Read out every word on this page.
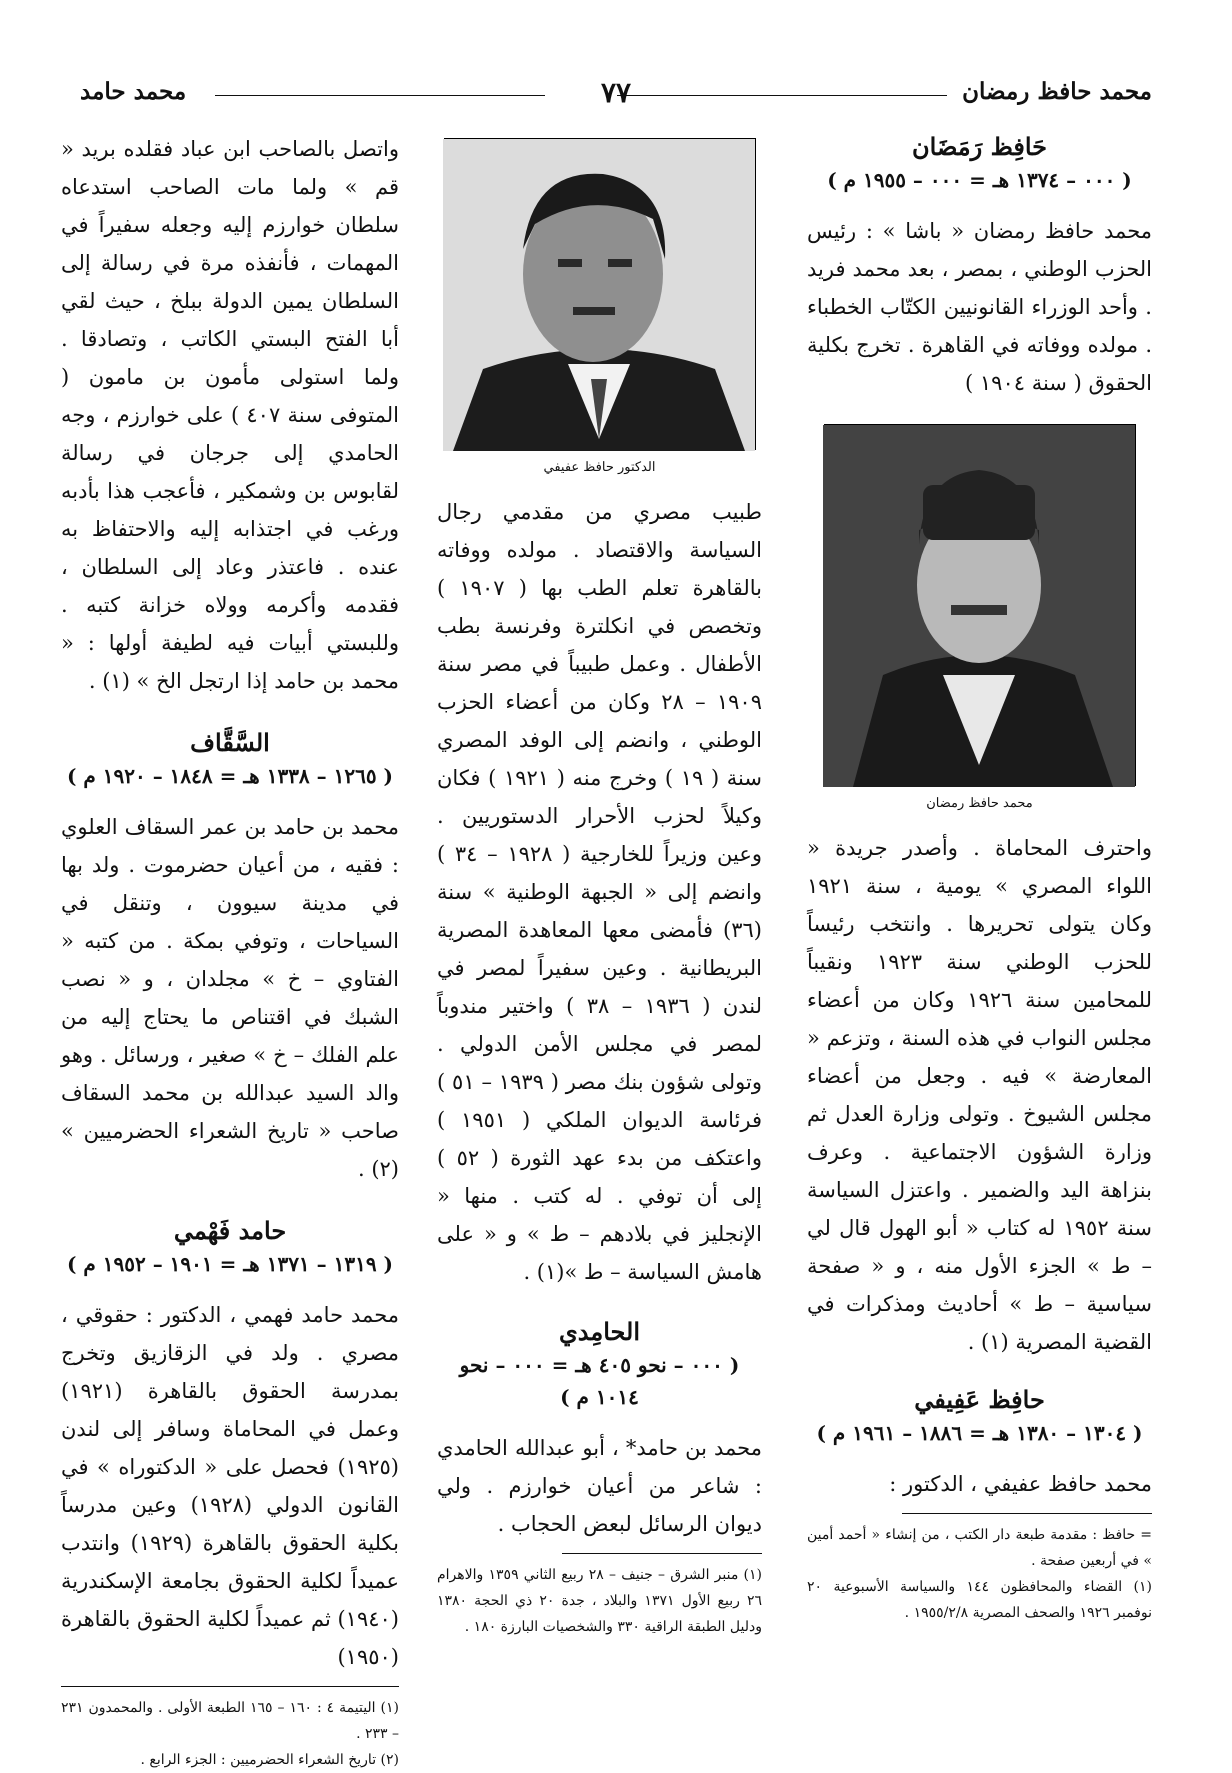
محمد حافظ رمضان
٧٧
محمد حامد
حَافِظ رَمَضَان
( ٠٠٠ – ١٣٧٤ هـ = ٠٠٠ – ١٩٥٥ م )
محمد حافظ رمضان « باشا » : رئيس الحزب الوطني ، بمصر ، بعد محمد فريد . وأحد الوزراء القانونيين الكتّاب الخطباء . مولده ووفاته في القاهرة . تخرج بكلية الحقوق ( سنة ١٩٠٤ )
محمد حافظ رمضان
واحترف المحاماة . وأصدر جريدة « اللواء المصري » يومية ، سنة ١٩٢١ وكان يتولى تحريرها . وانتخب رئيساً للحزب الوطني سنة ١٩٢٣ ونقيباً للمحامين سنة ١٩٢٦ وكان من أعضاء مجلس النواب في هذه السنة ، وتزعم « المعارضة » فيه . وجعل من أعضاء مجلس الشيوخ . وتولى وزارة العدل ثم وزارة الشؤون الاجتماعية . وعرف بنزاهة اليد والضمير . واعتزل السياسة سنة ١٩٥٢ له كتاب « أبو الهول قال لي – ط » الجزء الأول منه ، و « صفحة سياسية – ط » أحاديث ومذكرات في القضية المصرية (١) .
حافِظ عَفِيفي
( ١٣٠٤ – ١٣٨٠ هـ = ١٨٨٦ – ١٩٦١ م )
محمد حافظ عفيفي ، الدكتور :
= حافظ : مقدمة طبعة دار الكتب ، من إنشاء « أحمد أمين » في أربعين صفحة .
(١) القضاء والمحافظون ١٤٤ والسياسة الأسبوعية ٢٠ نوفمبر ١٩٢٦ والصحف المصرية ١٩٥٥/٢/٨ .
الدكتور حافظ عفيفي
طبيب مصري من مقدمي رجال السياسة والاقتصاد . مولده ووفاته بالقاهرة تعلم الطب بها ( ١٩٠٧ ) وتخصص في انكلترة وفرنسة بطب الأطفال . وعمل طبيباً في مصر سنة ١٩٠٩ – ٢٨ وكان من أعضاء الحزب الوطني ، وانضم إلى الوفد المصري سنة ( ١٩ ) وخرج منه ( ١٩٢١ ) فكان وكيلاً لحزب الأحرار الدستوريين . وعين وزيراً للخارجية ( ١٩٢٨ – ٣٤ ) وانضم إلى « الجبهة الوطنية » سنة (٣٦) فأمضى معها المعاهدة المصرية البريطانية . وعين سفيراً لمصر في لندن ( ١٩٣٦ – ٣٨ ) واختير مندوباً لمصر في مجلس الأمن الدولي . وتولى شؤون بنك مصر ( ١٩٣٩ – ٥١ ) فرئاسة الديوان الملكي ( ١٩٥١ ) واعتكف من بدء عهد الثورة ( ٥٢ ) إلى أن توفي . له كتب . منها « الإنجليز في بلادهم – ط » و « على هامش السياسة – ط »(١) .
الحامِدي
( ٠٠٠ – نحو ٤٠٥ هـ = ٠٠٠ – نحو
١٠١٤ م )
محمد بن حامد* ، أبو عبدالله الحامدي : شاعر من أعيان خوارزم . ولي ديوان الرسائل لبعض الحجاب .
(١) منبر الشرق – جنيف – ٢٨ ربيع الثاني ١٣٥٩ والاهرام ٢٦ ربيع الأول ١٣٧١ والبلاد ، جدة ٢٠ ذي الحجة ١٣٨٠ ودليل الطبقة الراقية ٣٣٠ والشخصيات البارزة ١٨٠ .
واتصل بالصاحب ابن عباد فقلده بريد « قم » ولما مات الصاحب استدعاه سلطان خوارزم إليه وجعله سفيراً في المهمات ، فأنفذه مرة في رسالة إلى السلطان يمين الدولة ببلخ ، حيث لقي أبا الفتح البستي الكاتب ، وتصادقا . ولما استولى مأمون بن مامون ( المتوفى سنة ٤٠٧ ) على خوارزم ، وجه الحامدي إلى جرجان في رسالة لقابوس بن وشمكير ، فأعجب هذا بأدبه ورغب في اجتذابه إليه والاحتفاظ به عنده . فاعتذر وعاد إلى السلطان ، فقدمه وأكرمه وولاه خزانة كتبه . وللبستي أبيات فيه لطيفة أولها : « محمد بن حامد إذا ارتجل الخ » (١) .
السَّقَّاف
( ١٢٦٥ – ١٣٣٨ هـ = ١٨٤٨ – ١٩٢٠ م )
محمد بن حامد بن عمر السقاف العلوي : فقيه ، من أعيان حضرموت . ولد بها في مدينة سيوون ، وتنقل في السياحات ، وتوفي بمكة . من كتبه « الفتاوي – خ » مجلدان ، و « نصب الشبك في اقتناص ما يحتاج إليه من علم الفلك – خ » صغير ، ورسائل . وهو والد السيد عبدالله بن محمد السقاف صاحب « تاريخ الشعراء الحضرميين » (٢) .
حامد فَهْمي
( ١٣١٩ – ١٣٧١ هـ = ١٩٠١ – ١٩٥٢ م )
محمد حامد فهمي ، الدكتور : حقوقي ، مصري . ولد في الزقازيق وتخرج بمدرسة الحقوق بالقاهرة (١٩٢١) وعمل في المحاماة وسافر إلى لندن (١٩٢٥) فحصل على « الدكتوراه » في القانون الدولي (١٩٢٨) وعين مدرساً بكلية الحقوق بالقاهرة (١٩٢٩) وانتدب عميداً لكلية الحقوق بجامعة الإسكندرية (١٩٤٠) ثم عميداً لكلية الحقوق بالقاهرة (١٩٥٠)
(١) اليتيمة ٤ : ١٦٠ – ١٦٥ الطبعة الأولى . والمحمدون ٢٣١ – ٢٣٣ .
(٢) تاريخ الشعراء الحضرميين : الجزء الرابع .
